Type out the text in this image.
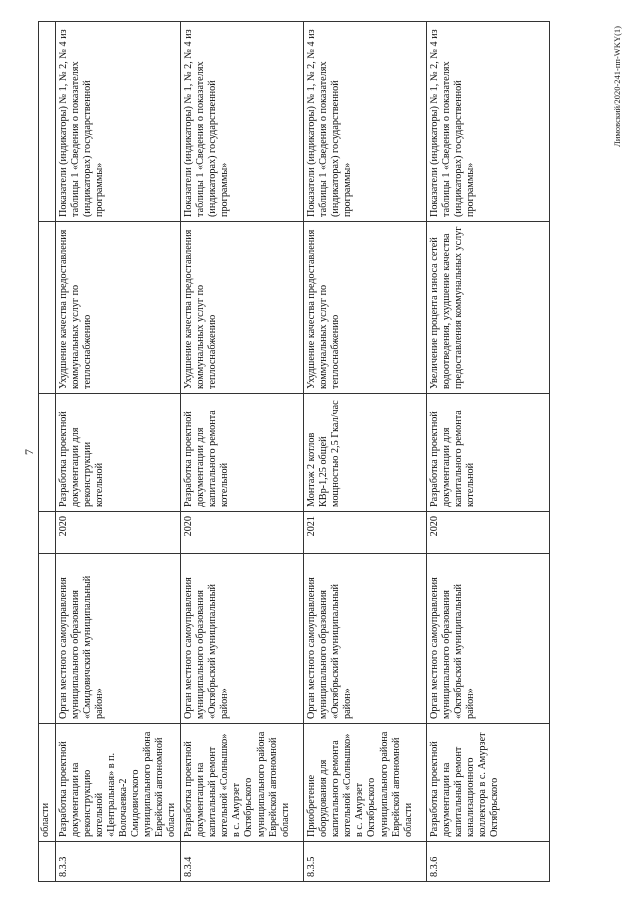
7
	области					
8.3.3	Разработка проектной документации на реконструкцию котельной «Центральная» в п. Волочаевка-2 Смидовичского муниципального района Еврейской автономной области	Орган местного самоуправления муниципального образования «Смидовичский муниципальный район»	2020	Разработка проектной документации для реконструкции котельной	Ухудшение качества предоставления коммунальных услуг по теплоснабжению	Показатели (индикаторы) № 1, № 2, № 4 из таблицы 1 «Сведения о показателях (индикаторах) государственной программы»
8.3.4	Разработка проектной документации на капитальный ремонт котельной «Солнышко» в с. Амурзет Октябрьского муниципального района Еврейской автономной области	Орган местного самоуправления муниципального образования «Октябрьский муниципальный район»	2020	Разработка проектной документации для капитального ремонта котельной	Ухудшение качества предоставления коммунальных услуг по теплоснабжению	Показатели (индикаторы) № 1, № 2, № 4 из таблицы 1 «Сведения о показателях (индикаторах) государственной программы»
8.3.5	Приобретение оборудования для капитального ремонта котельной «Солнышко» в с. Амурзет Октябрьского муниципального района Еврейской автономной области	Орган местного самоуправления муниципального образования «Октябрьский муниципальный район»	2021	Монтаж 2 котлов КВр-1,25 общей мощностью 2,5 Гкал/час	Ухудшение качества предоставления коммунальных услуг по теплоснабжению	Показатели (индикаторы) № 1, № 2, № 4 из таблицы 1 «Сведения о показателях (индикаторах) государственной программы»
8.3.6	Разработка проектной документации на капитальный ремонт канализационного коллектора в с. Амурзет Октябрьского	Орган местного самоуправления муниципального образования «Октябрьский муниципальный район»	2020	Разработка проектной документации для капитального ремонта котельной	Увеличение процента износа сетей водоотведения, ухудшение качества предоставления коммунальных услуг	Показатели (индикаторы) № 1, № 2, № 4 из таблицы 1 «Сведения о показателях (индикаторах) государственной программы»
Лимовский/2020-241-пп-WKY(1)
